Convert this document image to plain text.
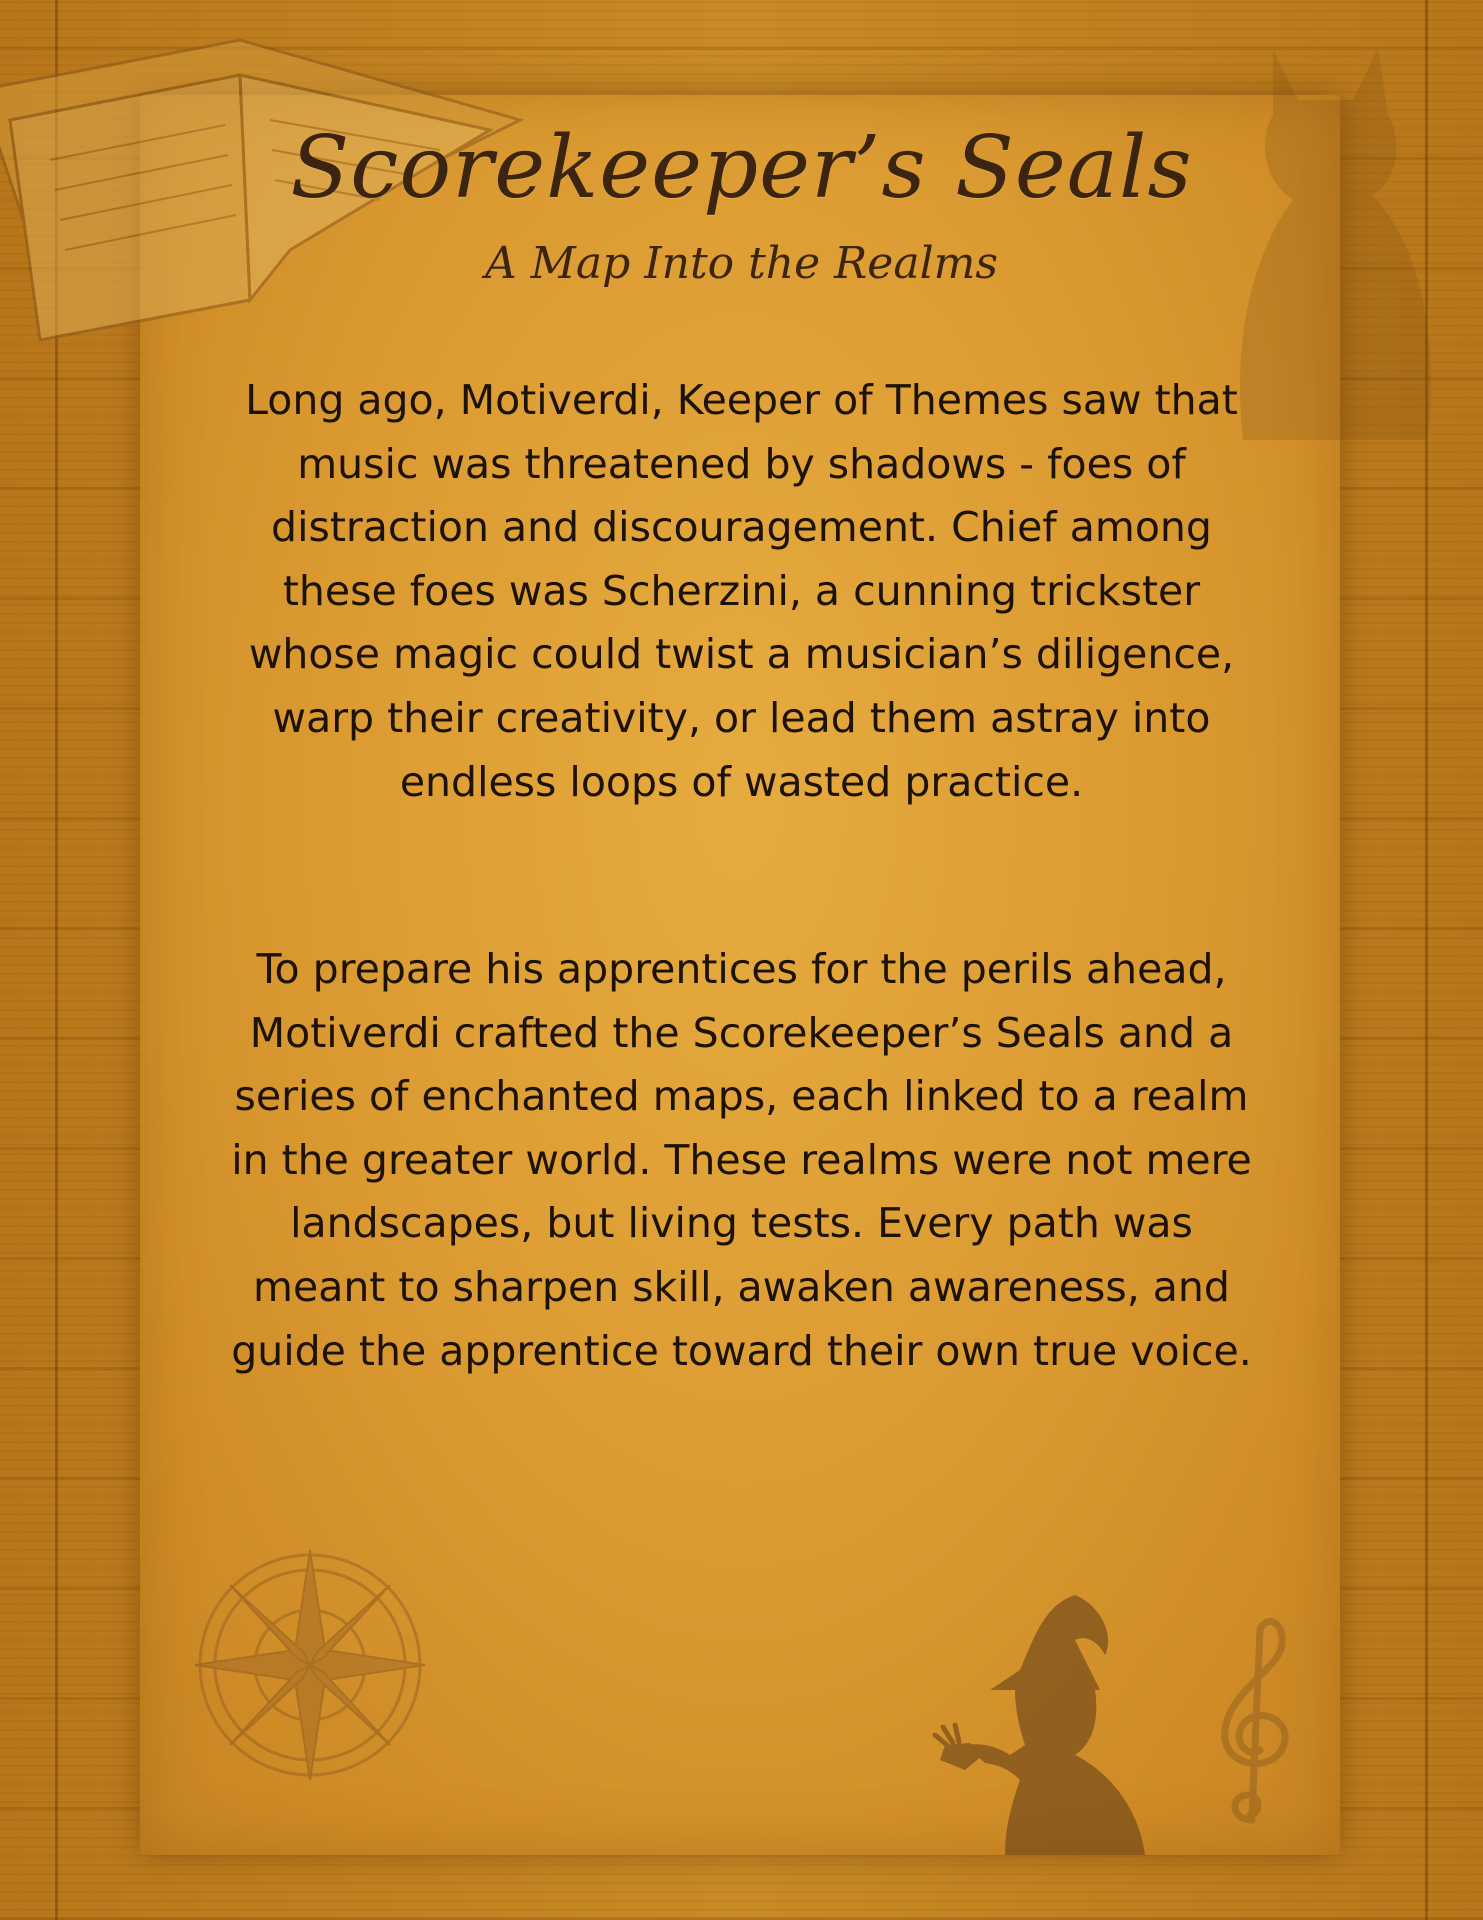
Scorekeeper’s Seals
A Map Into the Realms
Long ago, Motiverdi, Keeper of Themes saw that music was threatened by shadows - foes of distraction and discouragement. Chief among these foes was Scherzini, a cunning trickster whose magic could twist a musician’s diligence, warp their creativity, or lead them astray into endless loops of wasted practice.
To prepare his apprentices for the perils ahead, Motiverdi crafted the Scorekeeper’s Seals and a series of enchanted maps, each linked to a realm in the greater world. These realms were not mere landscapes, but living tests. Every path was meant to sharpen skill, awaken awareness, and guide the apprentice toward their own true voice.
